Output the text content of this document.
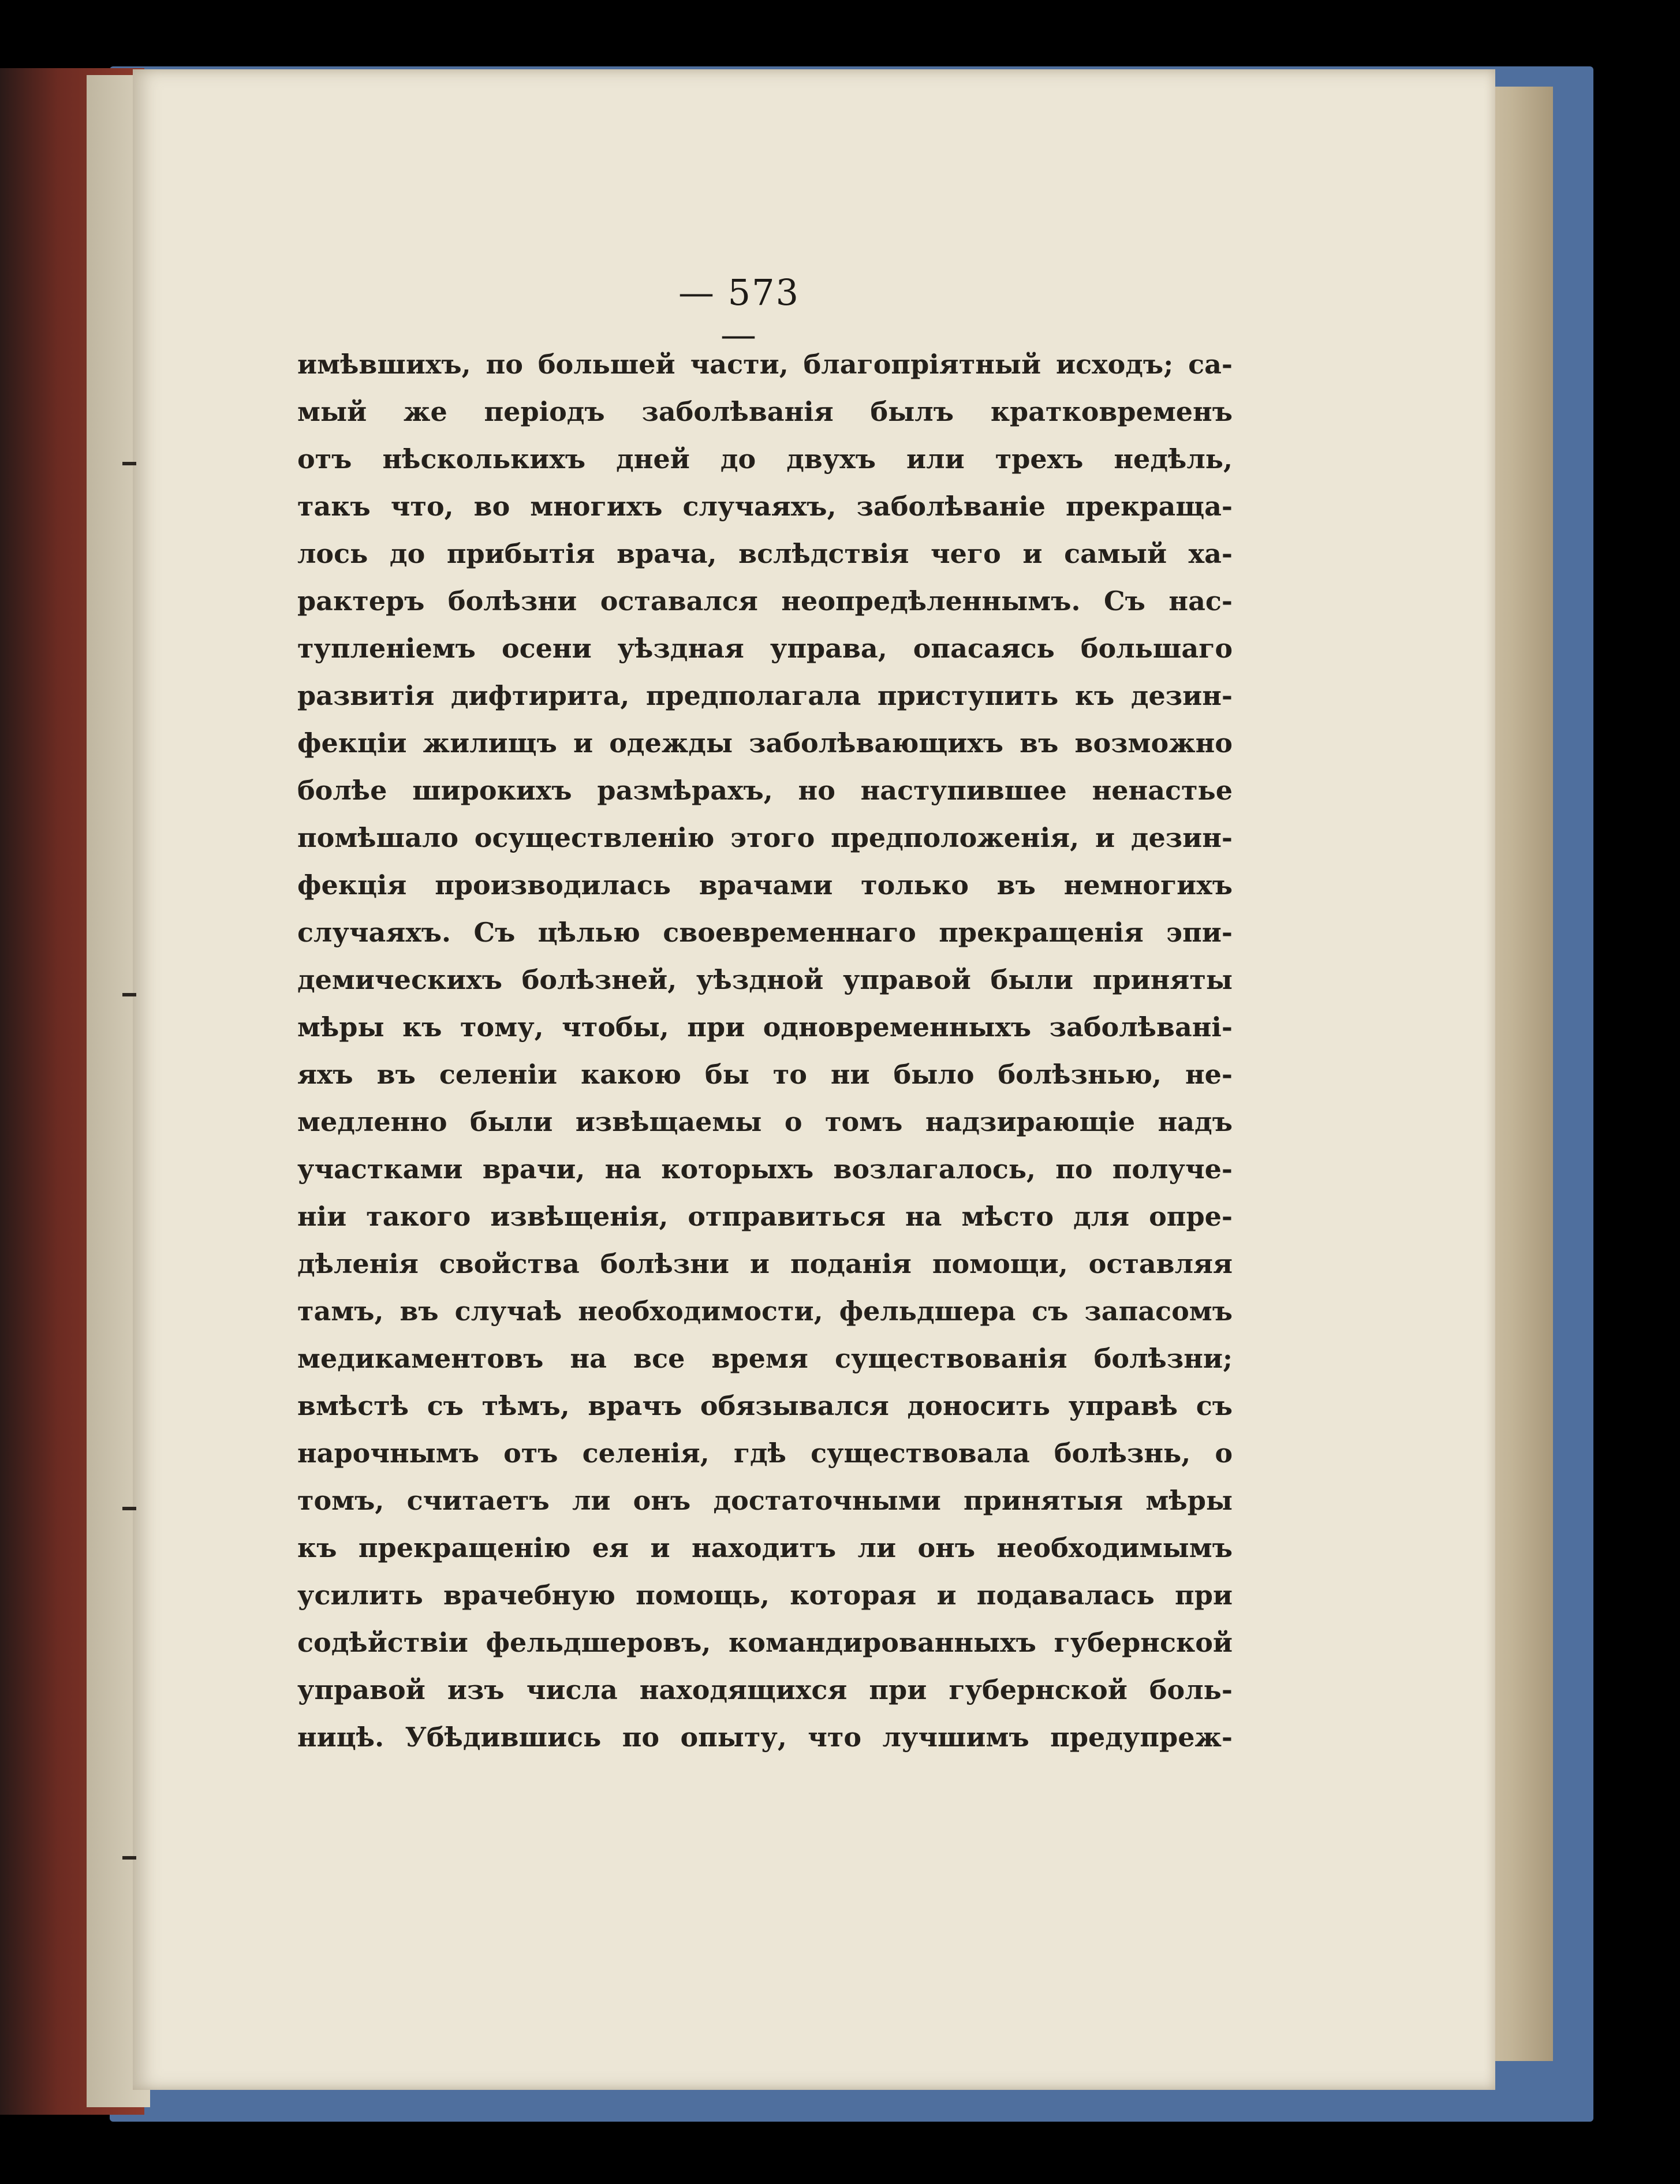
— 573 —
имѣвшихъ, по большей части, благопріятный исходъ; са-
мый же періодъ заболѣванія былъ кратковременъ
отъ нѣсколькихъ дней до двухъ или трехъ недѣль,
такъ что, во многихъ случаяхъ, заболѣваніе прекраща-
лось до прибытія врача, вслѣдствія чего и самый ха-
рактеръ болѣзни оставался неопредѣленнымъ. Съ нас-
тупленіемъ осени уѣздная управа, опасаясь большаго
развитія дифтирита, предполагала приступить къ дезин-
фекціи жилищъ и одежды заболѣвающихъ въ возможно
болѣе широкихъ размѣрахъ, но наступившее ненастье
помѣшало осуществленію этого предположенія, и дезин-
фекція производилась врачами только въ немногихъ
случаяхъ. Съ цѣлью своевременнаго прекращенія эпи-
демическихъ болѣзней, уѣздной управой были приняты
мѣры къ тому, чтобы, при одновременныхъ заболѣвані-
яхъ въ селеніи какою бы то ни было болѣзнью, не-
медленно были извѣщаемы о томъ надзирающіе надъ
участками врачи, на которыхъ возлагалось, по получе-
ніи такого извѣщенія, отправиться на мѣсто для опре-
дѣленія свойства болѣзни и поданія помощи, оставляя
тамъ, въ случаѣ необходимости, фельдшера съ запасомъ
медикаментовъ на все время существованія болѣзни;
вмѣстѣ съ тѣмъ, врачъ обязывался доносить управѣ съ
нарочнымъ отъ селенія, гдѣ существовала болѣзнь, о
томъ, считаетъ ли онъ достаточными принятыя мѣры
къ прекращенію ея и находитъ ли онъ необходимымъ
усилить врачебную помощь, которая и подавалась при
содѣйствіи фельдшеровъ, командированныхъ губернской
управой изъ числа находящихся при губернской боль-
ницѣ. Убѣдившись по опыту, что лучшимъ предупреж-
